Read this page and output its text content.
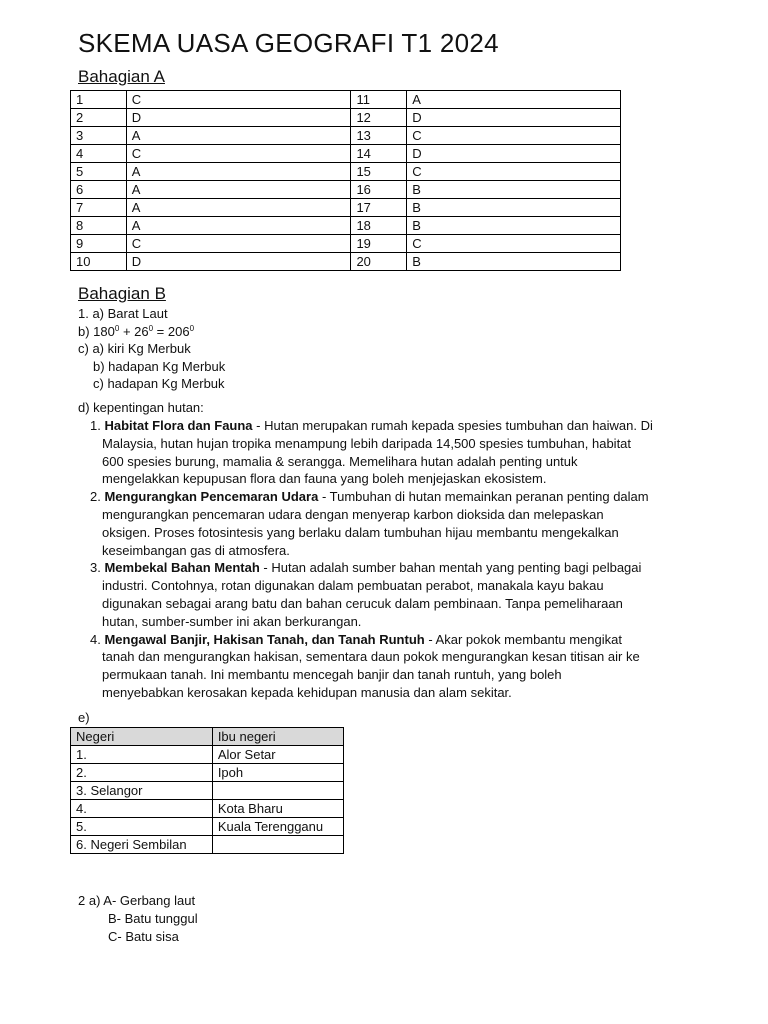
SKEMA UASA GEOGRAFI T1 2024
Bahagian A
1	C	11	A
2	D	12	D
3	A	13	C
4	C	14	D
5	A	15	C
6	A	16	B
7	A	17	B
8	A	18	B
9	C	19	C
10	D	20	B
Bahagian B
1. a) Barat Laut
b) $180^0 + 26^0 = 206^0$
c) a) kiri Kg Merbuk
b) hadapan Kg Merbuk
c) hadapan Kg Merbuk
d) kepentingan hutan:
1. Habitat Flora dan Fauna - Hutan merupakan rumah kepada spesies tumbuhan dan haiwan. Di
Malaysia, hutan hujan tropika menampung lebih daripada 14,500 spesies tumbuhan, habitat
600 spesies burung, mamalia & serangga. Memelihara hutan adalah penting untuk
mengelakkan kepupusan flora dan fauna yang boleh menjejaskan ekosistem.
2. Mengurangkan Pencemaran Udara - Tumbuhan di hutan memainkan peranan penting dalam
mengurangkan pencemaran udara dengan menyerap karbon dioksida dan melepaskan
oksigen. Proses fotosintesis yang berlaku dalam tumbuhan hijau membantu mengekalkan
keseimbangan gas di atmosfera.
3. Membekal Bahan Mentah - Hutan adalah sumber bahan mentah yang penting bagi pelbagai
industri. Contohnya, rotan digunakan dalam pembuatan perabot, manakala kayu bakau
digunakan sebagai arang batu dan bahan cerucuk dalam pembinaan. Tanpa pemeliharaan
hutan, sumber-sumber ini akan berkurangan.
4. Mengawal Banjir, Hakisan Tanah, dan Tanah Runtuh - Akar pokok membantu mengikat
tanah dan mengurangkan hakisan, sementara daun pokok mengurangkan kesan titisan air ke
permukaan tanah. Ini membantu mencegah banjir dan tanah runtuh, yang boleh
menyebabkan kerosakan kepada kehidupan manusia dan alam sekitar.
e)
Negeri	Ibu negeri
1.	Alor Setar
2.	Ipoh
3. Selangor	
4.	Kota Bharu
5.	Kuala Terengganu
6. Negeri Sembilan	
2 a) A- Gerbang laut
B- Batu tunggul
C- Batu sisa
